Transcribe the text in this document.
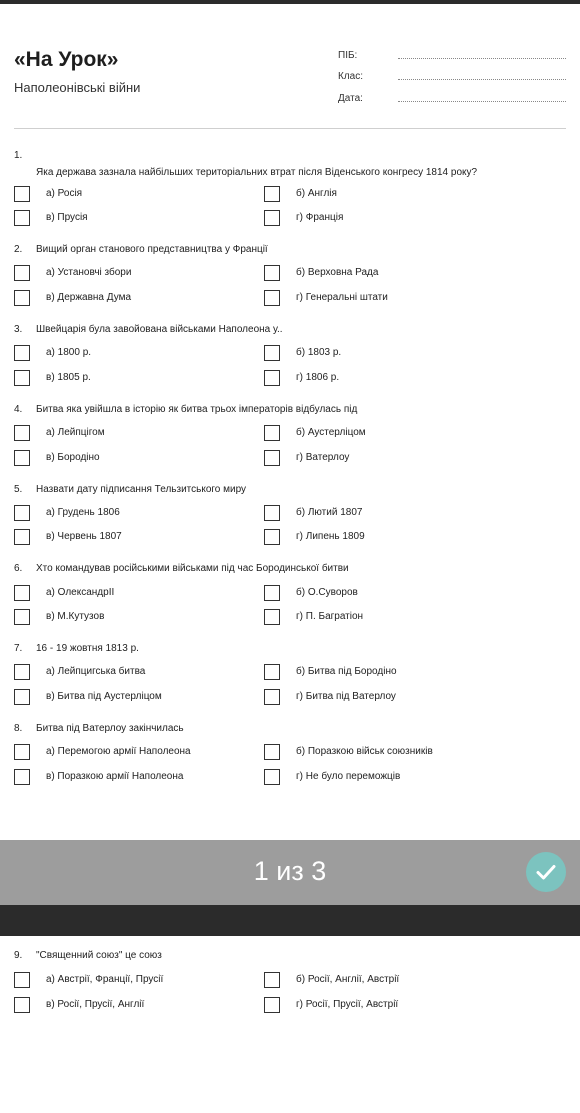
«На Урок»
Наполеонівські війни
ПІБ:
Клас:
Дата:
1.
Яка держава зазнала найбільших територіальних втрат після Віденського конгресу 1814 року?
а) Росія	б) Англія
в) Прусія	г) Франція
2. Вищий орган станового представництва у Франції
а) Установчі збори	б) Верховна Рада
в) Державна Дума	г) Генеральні штати
3. Швейцарія була завойована військами Наполеона у..
а) 1800 р.	б) 1803 р.
в) 1805 р.	г) 1806 р.
4. Битва яка увійшла в історію як битва трьох імператорів відбулась під
а) Лейпцігом	б) Аустерліцом
в) Бородіно	г) Ватерлоу
5. Назвати дату підписання Тельзитського миру
а) Грудень 1806	б) Лютий 1807
в) Червень 1807	г) Липень 1809
6. Хто командував російськими військами під час Бородинської битви
а) ОлександрІІ	б) О.Суворов
в) М.Кутузов	г) П. Багратіон
7. 16 - 19 жовтня 1813 р.
а) Лейпцигська битва	б) Битва під Бородіно
в) Битва під Аустерліцом	г) Битва під Ватерлоу
8. Битва під Ватерлоу закінчилась
а) Перемогою армії Наполеона	б) Поразкою військ союзників
в) Поразкою армії Наполеона	г) Не було переможців
1 из 3
9. "Священний союз" це союз
а) Австрії, Франції, Прусії	б) Росії, Англії, Австрії
в) Росії, Прусії, Англії	г) Росії, Прусії, Австрії
